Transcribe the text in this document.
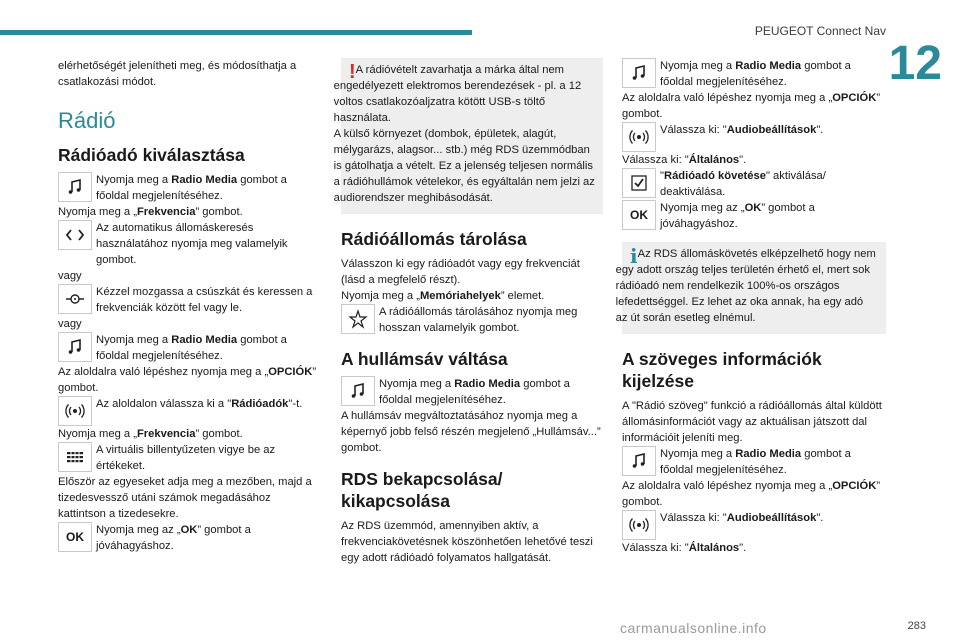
PEUGEOT Connect Nav
12

elérhetőségét jelenítheti meg, és módosíthatja a csatlakozási módot.

Rádió
Rádióadó kiválasztása
Nyomja meg a Radio Media gombot a főoldal megjelenítéséhez.

Nyomja meg a „Frekvencia” gombot.

Az automatikus állomáskeresés használatához nyomja meg valamelyik gombot.

vagy

Kézzel mozgassa a csúszkát és keressen a frekvenciák között fel vagy le.

vagy

Nyomja meg a Radio Media gombot a főoldal megjelenítéséhez.

Az aloldalra való lépéshez nyomja meg a „OPCIÓK” gombot.

Az aloldalon válassza ki a "Rádióadók"-t.

Nyomja meg a „Frekvencia” gombot.

A virtuális billentyűzeten vigye be az értékeket.

Először az egyeseket adja meg a mezőben, majd a tizedesvessző utáni számok megadásához kattintson a tizedesekre.

OK	Nyomja meg az „OK” gombot a jóváhagyáshoz.
! A rádióvételt zavarhatja a márka által nem engedélyezett elektromos berendezések - pl. a 12 voltos csatlakozóaljzatra kötött USB-s töltő használata.
A külső környezet (dombok, épületek, alagút, mélygarázs, alagsor... stb.) még RDS üzemmódban is gátolhatja a vételt. Ez a jelenség teljesen normális a rádióhullámok vételekor, és egyáltalán nem jelzi az audiorendszer meghibásodását.
Rádióállomás tárolása

Válasszon ki egy rádióadót vagy egy frekvenciát (lásd a megfelelő részt).

Nyomja meg a „Memóriahelyek” elemet.

A rádióállomás tárolásához nyomja meg hosszan valamelyik gombot.
A hullámsáv váltása
Nyomja meg a Radio Media gombot a főoldal megjelenítéséhez.

A hullámsáv megváltoztatásához nyomja meg a képernyő jobb felső részén megjelenő „Hullámsáv...” gombot.

RDS bekapcsolása/ kikapcsolása

Az RDS üzemmód, amennyiben aktív, a frekvenciakövetésnek köszönhetően lehetővé teszi egy adott rádióadó folyamatos hallgatását.

Nyomja meg a Radio Media gombot a főoldal megjelenítéséhez.

Az aloldalra való lépéshez nyomja meg a „OPCIÓK” gombot.

Válassza ki: "Audiobeállítások".

Válassza ki: "Általános".

"Rádióadó követése" aktiválása/ deaktiválása.
OK	Nyomja meg az „OK” gombot a jóváhagyáshoz.
i Az RDS állomáskövetés elképzelhető hogy nem egy adott ország teljes területén érhető el, mert sok rádióadó nem rendelkezik 100%-os országos lefedettséggel. Ez lehet az oka annak, ha egy adó az út során esetleg elnémul.
A szöveges információk kijelzése

A "Rádió szöveg" funkció a rádióállomás által küldött állomásinformációt vagy az aktuálisan játszott dal információit jeleníti meg.

Nyomja meg a Radio Media gombot a főoldal megjelenítéséhez.

Az aloldalra való lépéshez nyomja meg a „OPCIÓK” gombot.

Válassza ki: "Audiobeállítások".

Válassza ki: "Általános".

carmanualsonline.info	283
